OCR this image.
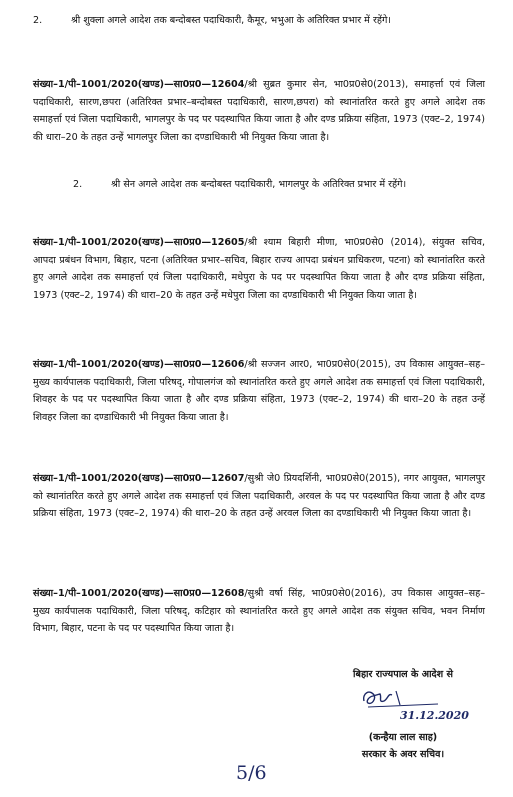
2.	श्री शुक्ला अगले आदेश तक बन्दोबस्त पदाधिकारी, कैमूर, भभुआ के अतिरिक्त प्रभार में रहेंगे।

संख्या–1/पी–1001/2020(खण्ड)—सा0प्र0—12604/श्री सुब्रत कुमार सेन, भा0प्र0से0(2013), समाहर्त्ता एवं जिला पदाधिकारी, सारण,छपरा (अतिरिक्त प्रभार–बन्दोबस्त पदाधिकारी, सारण,छपरा) को स्थानांतरित करते हुए अगले आदेश तक समाहर्त्ता एवं जिला पदाधिकारी, भागलपुर के पद पर पदस्थापित किया जाता है और दण्ड प्रक्रिया संहिता, 1973 (एक्ट–2, 1974) की धारा–20 के तहत उन्हें भागलपुर जिला का दण्डाधिकारी भी नियुक्त किया जाता है।

2.	श्री सेन अगले आदेश तक बन्दोबस्त पदाधिकारी, भागलपुर के अतिरिक्त प्रभार में रहेंगे।

संख्या–1/पी–1001/2020(खण्ड)—सा0प्र0—12605/श्री श्याम बिहारी मीणा, भा0प्र0से0 (2014), संयुक्त सचिव, आपदा प्रबंधन विभाग, बिहार, पटना (अतिरिक्त प्रभार–सचिव, बिहार राज्य आपदा प्रबंधन प्राधिकरण, पटना) को स्थानांतरित करते हुए अगले आदेश तक समाहर्त्ता एवं जिला पदाधिकारी, मधेपुरा के पद पर पदस्थापित किया जाता है और दण्ड प्रक्रिया संहिता, 1973 (एक्ट–2, 1974) की धारा–20 के तहत उन्हें मधेपुरा जिला का दण्डाधिकारी भी नियुक्त किया जाता है।

संख्या–1/पी–1001/2020(खण्ड)—सा0प्र0—12606/श्री सज्जन आर0, भा0प्र0से0(2015), उप विकास आयुक्त–सह–मुख्य कार्यपालक पदाधिकारी, जिला परिषद्, गोपालगंज को स्थानांतरित करते हुए अगले आदेश तक समाहर्त्ता एवं जिला पदाधिकारी, शिवहर के पद पर पदस्थापित किया जाता है और दण्ड प्रक्रिया संहिता, 1973 (एक्ट–2, 1974) की धारा–20 के तहत उन्हें शिवहर जिला का दण्डाधिकारी भी नियुक्त किया जाता है।

संख्या–1/पी–1001/2020(खण्ड)—सा0प्र0—12607/सुश्री जे0 प्रियदर्शिनी, भा0प्र0से0(2015), नगर आयुक्त, भागलपुर को स्थानांतरित करते हुए अगले आदेश तक समाहर्त्ता एवं जिला पदाधिकारी, अरवल के पद पर पदस्थापित किया जाता है और दण्ड प्रक्रिया संहिता, 1973 (एक्ट–2, 1974) की धारा–20 के तहत उन्हें अरवल जिला का दण्डाधिकारी भी नियुक्त किया जाता है।

संख्या–1/पी–1001/2020(खण्ड)—सा0प्र0—12608/सुश्री वर्षा सिंह, भा0प्र0से0(2016), उप विकास आयुक्त–सह–मुख्य कार्यपालक पदाधिकारी, जिला परिषद्, कटिहार को स्थानांतरित करते हुए अगले आदेश तक संयुक्त सचिव, भवन निर्माण विभाग, बिहार, पटना के पद पर पदस्थापित किया जाता है।

बिहार राज्यपाल के आदेश से
31.12.2020
(कन्हैया लाल साह)
सरकार के अवर सचिव।
5/6
